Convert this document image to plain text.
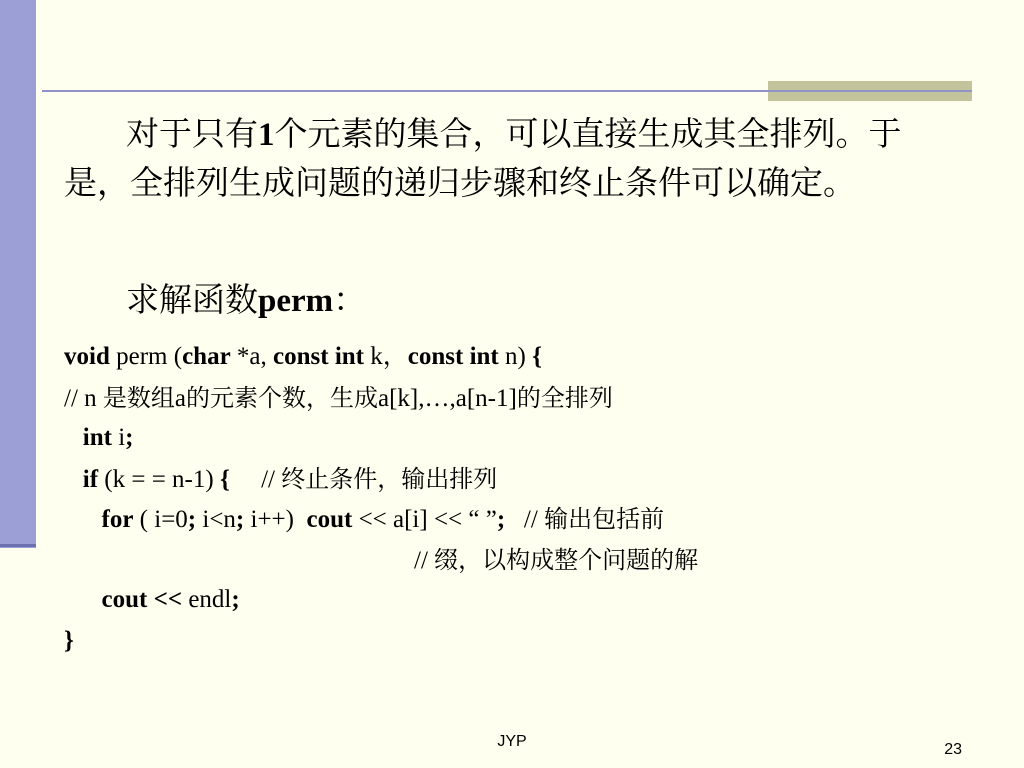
对于只有1个元素的集合，可以直接生成其全排列。于是，全排列生成问题的递归步骤和终止条件可以确定。

求解函数perm：

void perm (char *a, const int k，const int n) {
// n 是数组a的元素个数，生成a[k],…,a[n-1]的全排列
int i;
if (k = = n-1) {     // 终止条件，输出排列
for ( i=0; i<n; i++)  cout << a[i] << “ ”;   // 输出包括前
// 缀，以构成整个问题的解
cout << endl;
}
JYP	23
